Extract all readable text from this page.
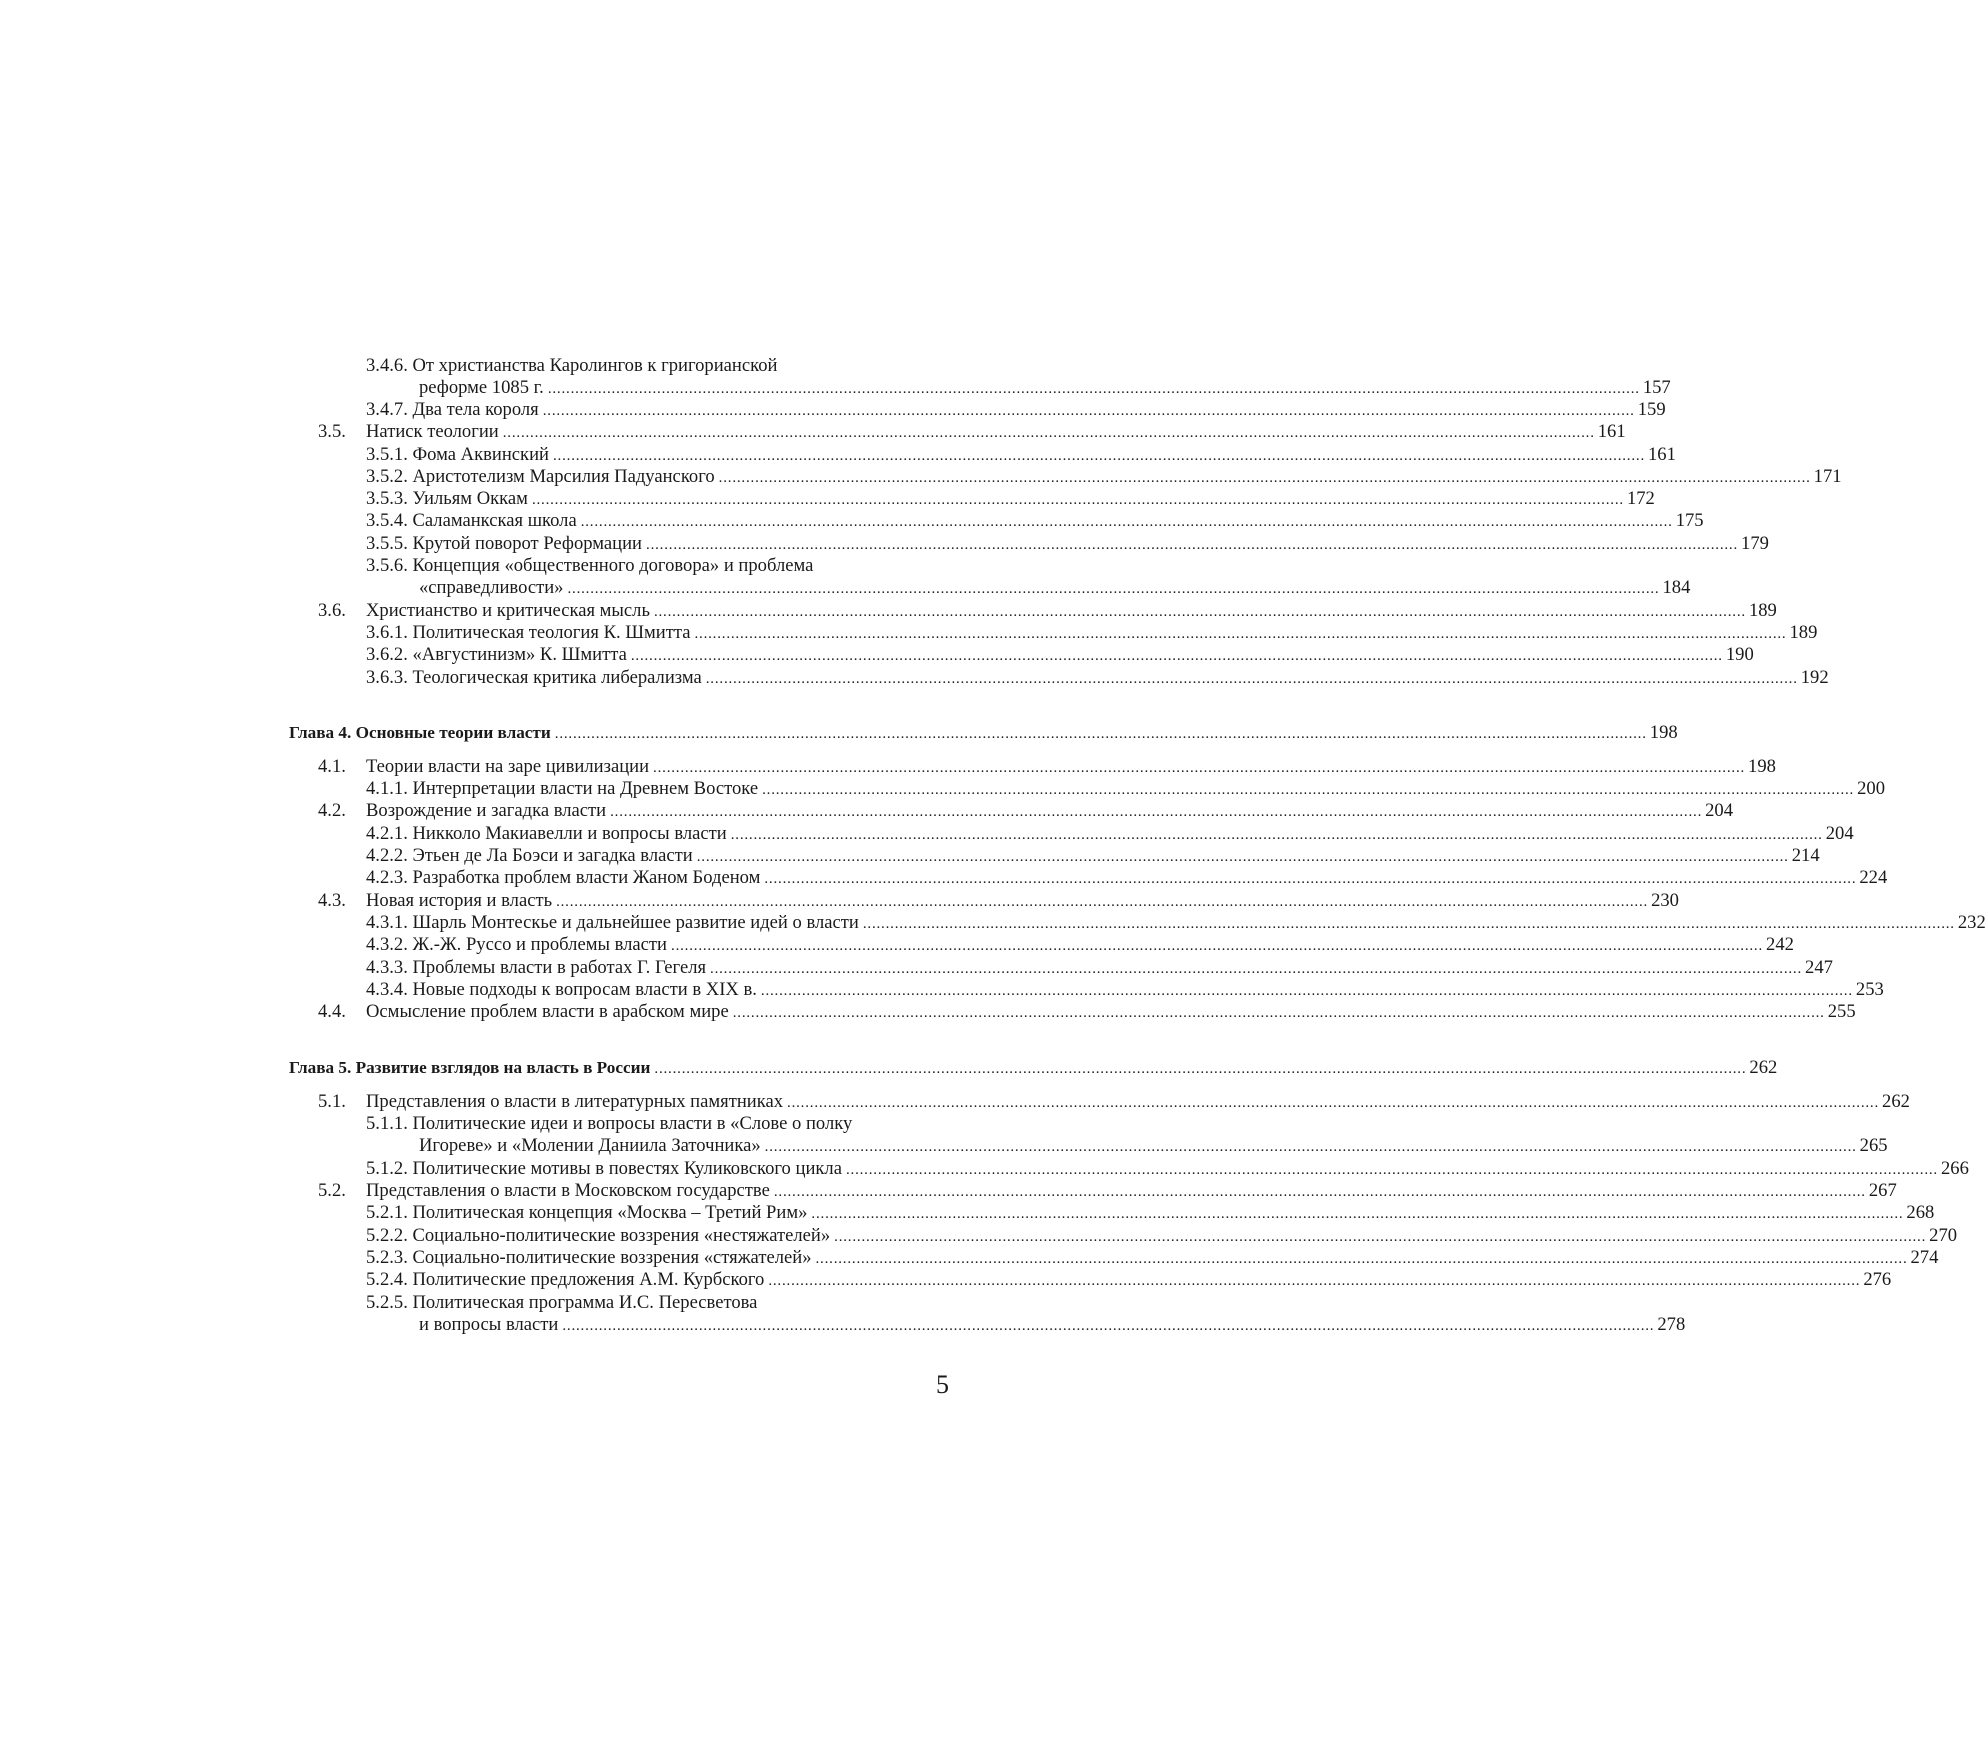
3.4.6. От христианства Каролингов к григорианской
реформе 1085 г. ................................................................................................................................................................................................................................................ 157
3.4.7. Два тела короля ................................................................................................................................................................................................................................................ 159
3.5. Натиск теологии ................................................................................................................................................................................................................................................ 161
3.5.1. Фома Аквинский ................................................................................................................................................................................................................................................ 161
3.5.2. Аристотелизм Марсилия Падуанского ................................................................................................................................................................................................................................................ 171
3.5.3. Уильям Оккам ................................................................................................................................................................................................................................................ 172
3.5.4. Саламанкская школа ................................................................................................................................................................................................................................................ 175
3.5.5. Крутой поворот Реформации ................................................................................................................................................................................................................................................ 179
3.5.6. Концепция «общественного договора» и проблема
«справедливости» ................................................................................................................................................................................................................................................ 184
3.6. Христианство и критическая мысль ................................................................................................................................................................................................................................................ 189
3.6.1. Политическая теология К. Шмитта ................................................................................................................................................................................................................................................ 189
3.6.2. «Августинизм» К. Шмитта ................................................................................................................................................................................................................................................ 190
3.6.3. Теологическая критика либерализма ................................................................................................................................................................................................................................................ 192
Глава 4. Основные теории власти ................................................................................................................................................................................................................................................ 198
4.1. Теории власти на заре цивилизации ................................................................................................................................................................................................................................................ 198
4.1.1. Интерпретации власти на Древнем Востоке ................................................................................................................................................................................................................................................ 200
4.2. Возрождение и загадка власти ................................................................................................................................................................................................................................................ 204
4.2.1. Никколо Макиавелли и вопросы власти ................................................................................................................................................................................................................................................ 204
4.2.2. Этьен де Ла Боэси и загадка власти ................................................................................................................................................................................................................................................ 214
4.2.3. Разработка проблем власти Жаном Боденом ................................................................................................................................................................................................................................................ 224
4.3. Новая история и власть ................................................................................................................................................................................................................................................ 230
4.3.1. Шарль Монтескье и дальнейшее развитие идей о власти ................................................................................................................................................................................................................................................ 232
4.3.2. Ж.-Ж. Руссо и проблемы власти ................................................................................................................................................................................................................................................ 242
4.3.3. Проблемы власти в работах Г. Гегеля ................................................................................................................................................................................................................................................ 247
4.3.4. Новые подходы к вопросам власти в XIX в. ................................................................................................................................................................................................................................................ 253
4.4. Осмысление проблем власти в арабском мире ................................................................................................................................................................................................................................................ 255
Глава 5. Развитие взглядов на власть в России ................................................................................................................................................................................................................................................ 262
5.1. Представления о власти в литературных памятниках ................................................................................................................................................................................................................................................ 262
5.1.1. Политические идеи и вопросы власти в «Слове о полку
Игореве» и «Молении Даниила Заточника» ................................................................................................................................................................................................................................................ 265
5.1.2. Политические мотивы в повестях Куликовского цикла ................................................................................................................................................................................................................................................ 266
5.2. Представления о власти в Московском государстве ................................................................................................................................................................................................................................................ 267
5.2.1. Политическая концепция «Москва – Третий Рим» ................................................................................................................................................................................................................................................ 268
5.2.2. Социально-политические воззрения «нестяжателей» ................................................................................................................................................................................................................................................ 270
5.2.3. Социально-политические воззрения «стяжателей» ................................................................................................................................................................................................................................................ 274
5.2.4. Политические предложения А.М. Курбского ................................................................................................................................................................................................................................................ 276
5.2.5. Политическая программа И.С. Пересветова
и вопросы власти ................................................................................................................................................................................................................................................ 278
5
